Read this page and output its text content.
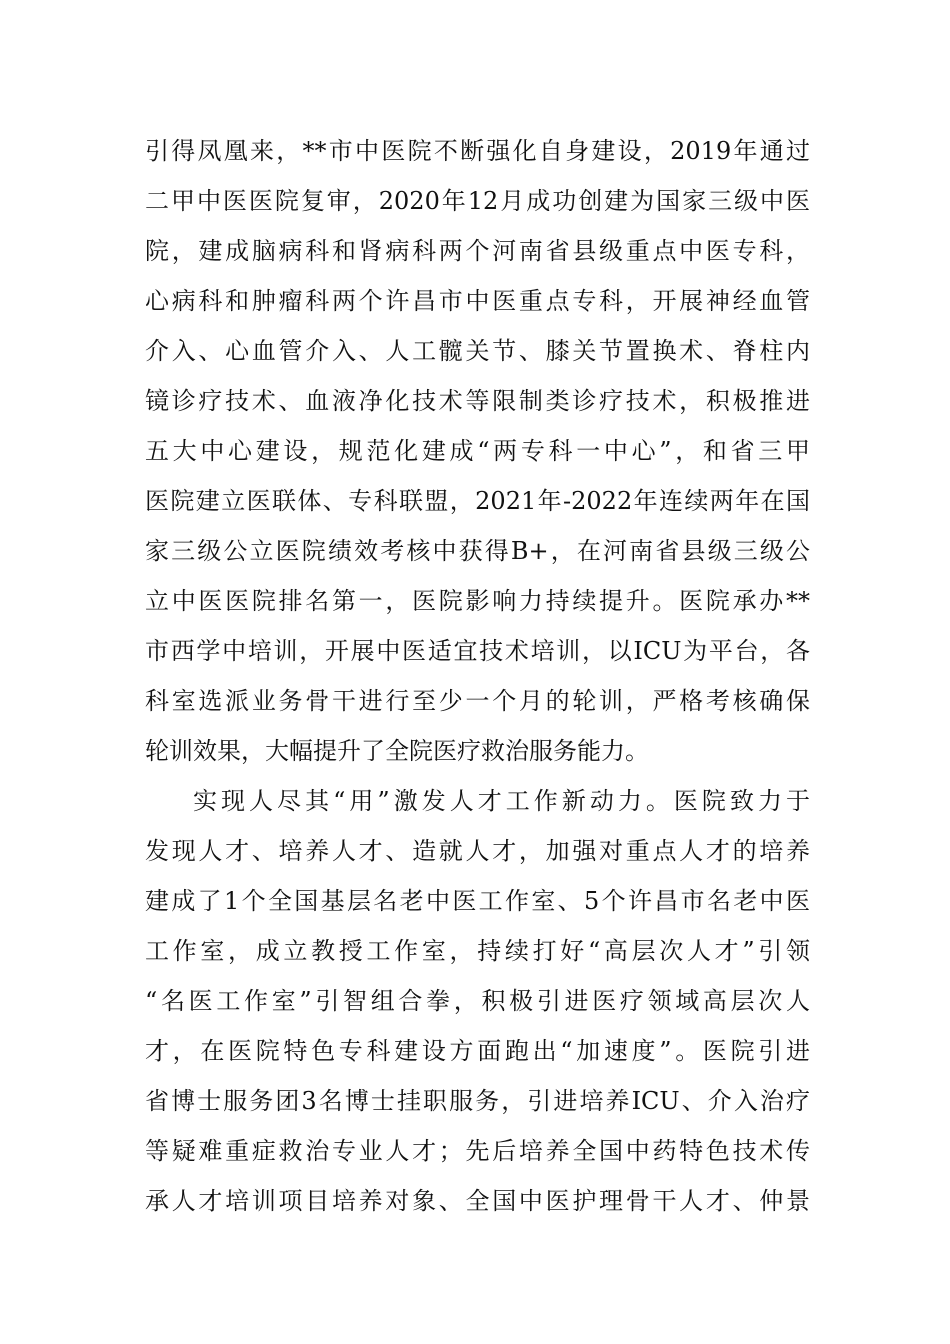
引得凤凰来，**市中医院不断强化自身建设，2019年通过
二甲中医医院复审，2020年12月成功创建为国家三级中医
院，建成脑病科和肾病科两个河南省县级重点中医专科，
心病科和肿瘤科两个许昌市中医重点专科，开展神经血管
介入、心血管介入、人工髋关节、膝关节置换术、脊柱内
镜诊疗技术、血液净化技术等限制类诊疗技术，积极推进
五大中心建设，规范化建成“两专科一中心”，和省三甲
医院建立医联体、专科联盟，2021年-2022年连续两年在国
家三级公立医院绩效考核中获得B+，在河南省县级三级公
立中医医院排名第一，医院影响力持续提升。医院承办**
市西学中培训，开展中医适宜技术培训，以ICU为平台，各
科室选派业务骨干进行至少一个月的轮训，严格考核确保
轮训效果，大幅提升了全院医疗救治服务能力。
实现人尽其“用”激发人才工作新动力。医院致力于
发现人才、培养人才、造就人才，加强对重点人才的培养
建成了1个全国基层名老中医工作室、5个许昌市名老中医
工作室，成立教授工作室，持续打好“高层次人才”引领
“名医工作室”引智组合拳，积极引进医疗领域高层次人
才，在医院特色专科建设方面跑出“加速度”。医院引进
省博士服务团3名博士挂职服务，引进培养ICU、介入治疗
等疑难重症救治专业人才；先后培养全国中药特色技术传
承人才培训项目培养对象、全国中医护理骨干人才、仲景
